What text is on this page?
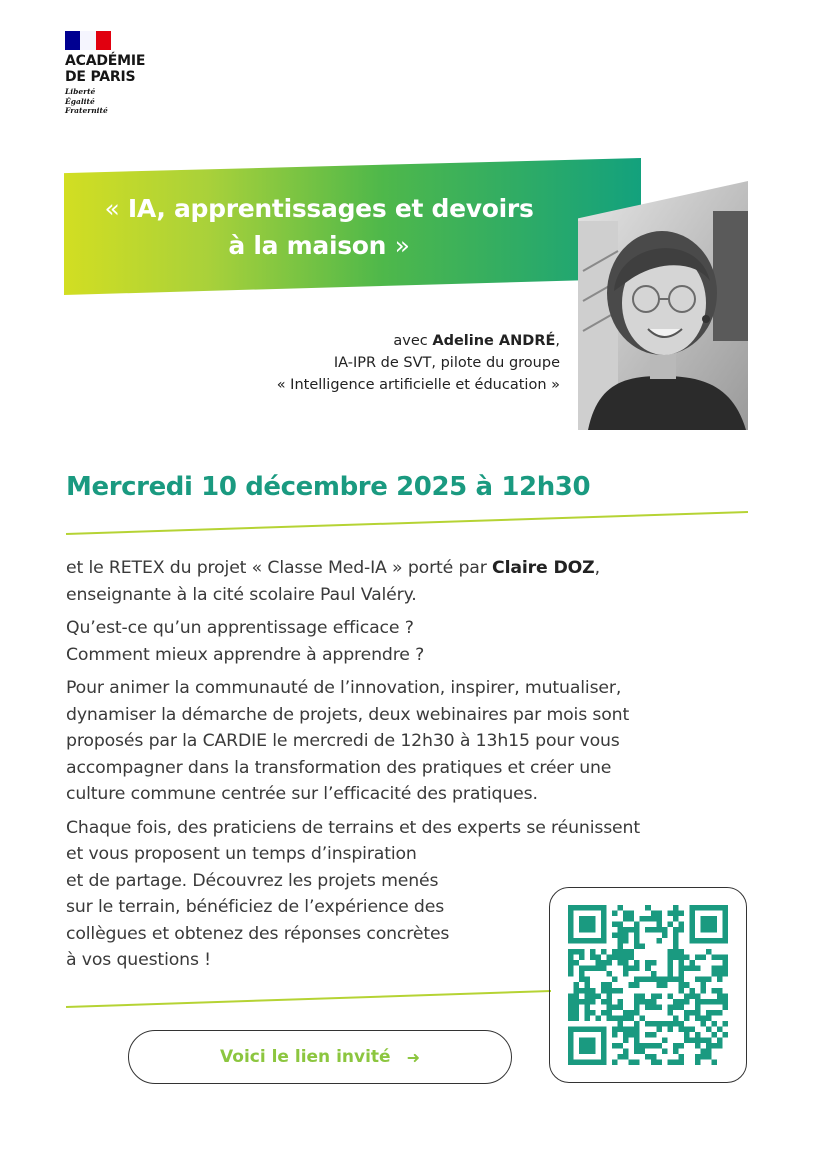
ACADÉMIE
DE PARIS
Liberté
Égalité
Fraternité
« IA, apprentissages et devoirs
à la maison »
avec Adeline ANDRÉ,
IA-IPR de SVT, pilote du groupe
« Intelligence artificielle et éducation »
Mercredi 10 décembre 2025 à 12h30

et le RETEX du projet « Classe Med-IA » porté par Claire DOZ,
enseignante à la cité scolaire Paul Valéry.

Qu’est-ce qu’un apprentissage efficace ?
Comment mieux apprendre à apprendre ?

Pour animer la communauté de l’innovation, inspirer, mutualiser,
dynamiser la démarche de projets, deux webinaires par mois sont
proposés par la CARDIE le mercredi de 12h30 à 13h15 pour vous
accompagner dans la transformation des pratiques et créer une
culture commune centrée sur l’efficacité des pratiques.

Chaque fois, des praticiens de terrains et des experts se réunissent
et vous proposent un temps d’inspiration
et de partage. Découvrez les projets menés
sur le terrain, bénéficiez de l’expérience des
collègues et obtenez des réponses concrètes
à vos questions !

Voici le lien invité ➜
